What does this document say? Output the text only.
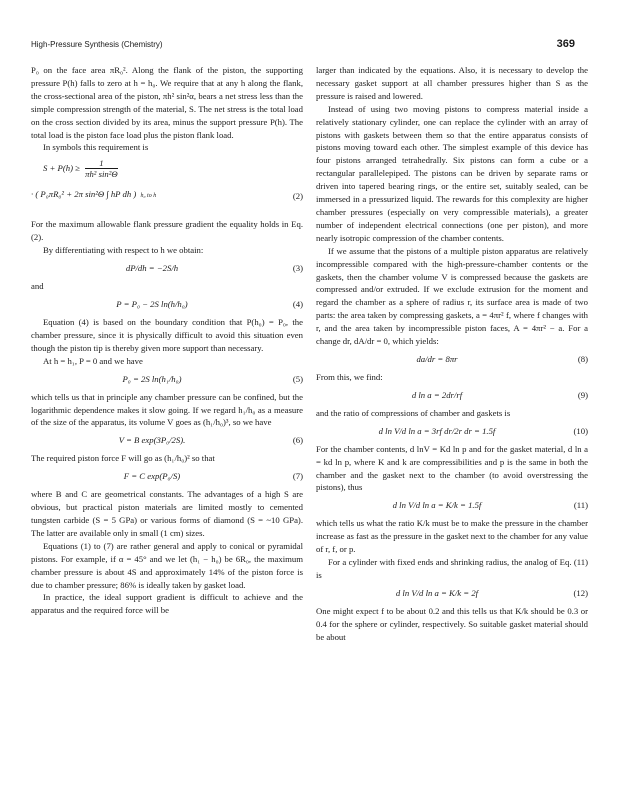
High-Pressure Synthesis (Chemistry)	369

P₀ on the face area πR₀². Along the flank of the piston, the supporting pressure P(h) falls to zero at h = h₀. We require that at any h along the flank, the cross-sectional area of the piston, πh² sin²α, bears a net stress less than the simple compression strength of the material, S. The net stress is the total load on the cross section divided by its area, minus the support pressure P(h). The total load is the piston face load plus the piston flank load.

In symbols this requirement is

$S + P(h) \ge \frac{1}{\text{πh² sin²Θ}}$
· ( P₀πR₀² + 2π sin²Θ ∫ hP dh ) h₀ to h	(2)

For the maximum allowable flank pressure gradient the equality holds in Eq. (2).

By differentiating with respect to h we obtain:

dP/dh = −2S/h	(3)

and

P = P₀ − 2S ln(h/h₀)	(4)

Equation (4) is based on the boundary condition that P(h₀) = P₀, the chamber pressure, since it is physically difficult to avoid this situation even though the piston tip is thereby given more support than necessary.

At h = h₁, P = 0 and we have

P₀ = 2S ln(h₁/h₀)	(5)

which tells us that in principle any chamber pressure can be confined, but the logarithmic dependence makes it slow going. If we regard h₁/h₀ as a measure of the size of the apparatus, its volume V goes as (h₁/h₀)³, so we have

V = B exp(3P₀/2S).	(6)

The required piston force F will go as (h₁/h₀)² so that

F = C exp(P₀/S)	(7)

where B and C are geometrical constants. The advantages of a high S are obvious, but practical piston materials are limited mostly to cemented tungsten carbide (S = 5 GPa) or various forms of diamond (S = ~10 GPa). The latter are available only in small (1 cm) sizes.

Equations (1) to (7) are rather general and apply to conical or pyramidal pistons. For example, if α = 45° and we let (h₁ − h₀) be 6R₀, the maximum chamber pressure is about 4S and approximately 14% of the piston force is due to chamber pressure; 86% is ideally taken by gasket load.

In practice, the ideal support gradient is difficult to achieve and the apparatus and the required force will be

larger than indicated by the equations. Also, it is necessary to develop the necessary gasket support at all chamber pressures higher than S as the pressure is raised and lowered.

Instead of using two moving pistons to compress material inside a relatively stationary cylinder, one can replace the cylinder with an array of pistons with gaskets between them so that the entire apparatus consists of pistons moving toward each other. The simplest example of this device has four pistons arranged tetrahedrally. Six pistons can form a cube or a rectangular parallelepiped. The pistons can be driven by separate rams or driven into tapered bearing rings, or the entire set, suitably sealed, can be immersed in a pressurized liquid. The rewards for this complexity are higher chamber pressures (especially on very compressible materials), a greater number of independent electrical connections (one per piston), and more nearly isotropic compression of the chamber contents.

If we assume that the pistons of a multiple piston apparatus are relatively incompressible compared with the high-pressure-chamber contents or the gaskets, then the chamber volume V is compressed because the gaskets are compressed and/or extruded. If we exclude extrusion for the moment and regard the chamber as a sphere of radius r, its surface area is made of two parts: the area taken by compressing gaskets, a = 4πr² f, where f changes with r, and the area taken by incompressible piston faces, A = 4πr² − a. For a change dr, dA/dr = 0, which yields:

da/dr = 8πr	(8)

From this, we find:

d ln a = 2dr/rf	(9)

and the ratio of compressions of chamber and gaskets is

d ln V/d ln a = 3rf dr/2r dr = 1.5f	(10)

For the chamber contents, d lnV = Kd ln p and for the gasket material, d ln a = kd ln p, where K and k are compressibilities and p is the same in both the chamber and the gasket next to the chamber (to avoid overstressing the pistons), thus

d ln V/d ln a = K/k = 1.5f	(11)

which tells us what the ratio K/k must be to make the pressure in the chamber increase as fast as the pressure in the gasket next to the chamber for any value of r, f, or p.

For a cylinder with fixed ends and shrinking radius, the analog of Eq. (11) is

d ln V/d ln a = K/k = 2f	(12)

One might expect f to be about 0.2 and this tells us that K/k should be 0.3 or 0.4 for the sphere or cylinder, respectively. So suitable gasket material should be about
